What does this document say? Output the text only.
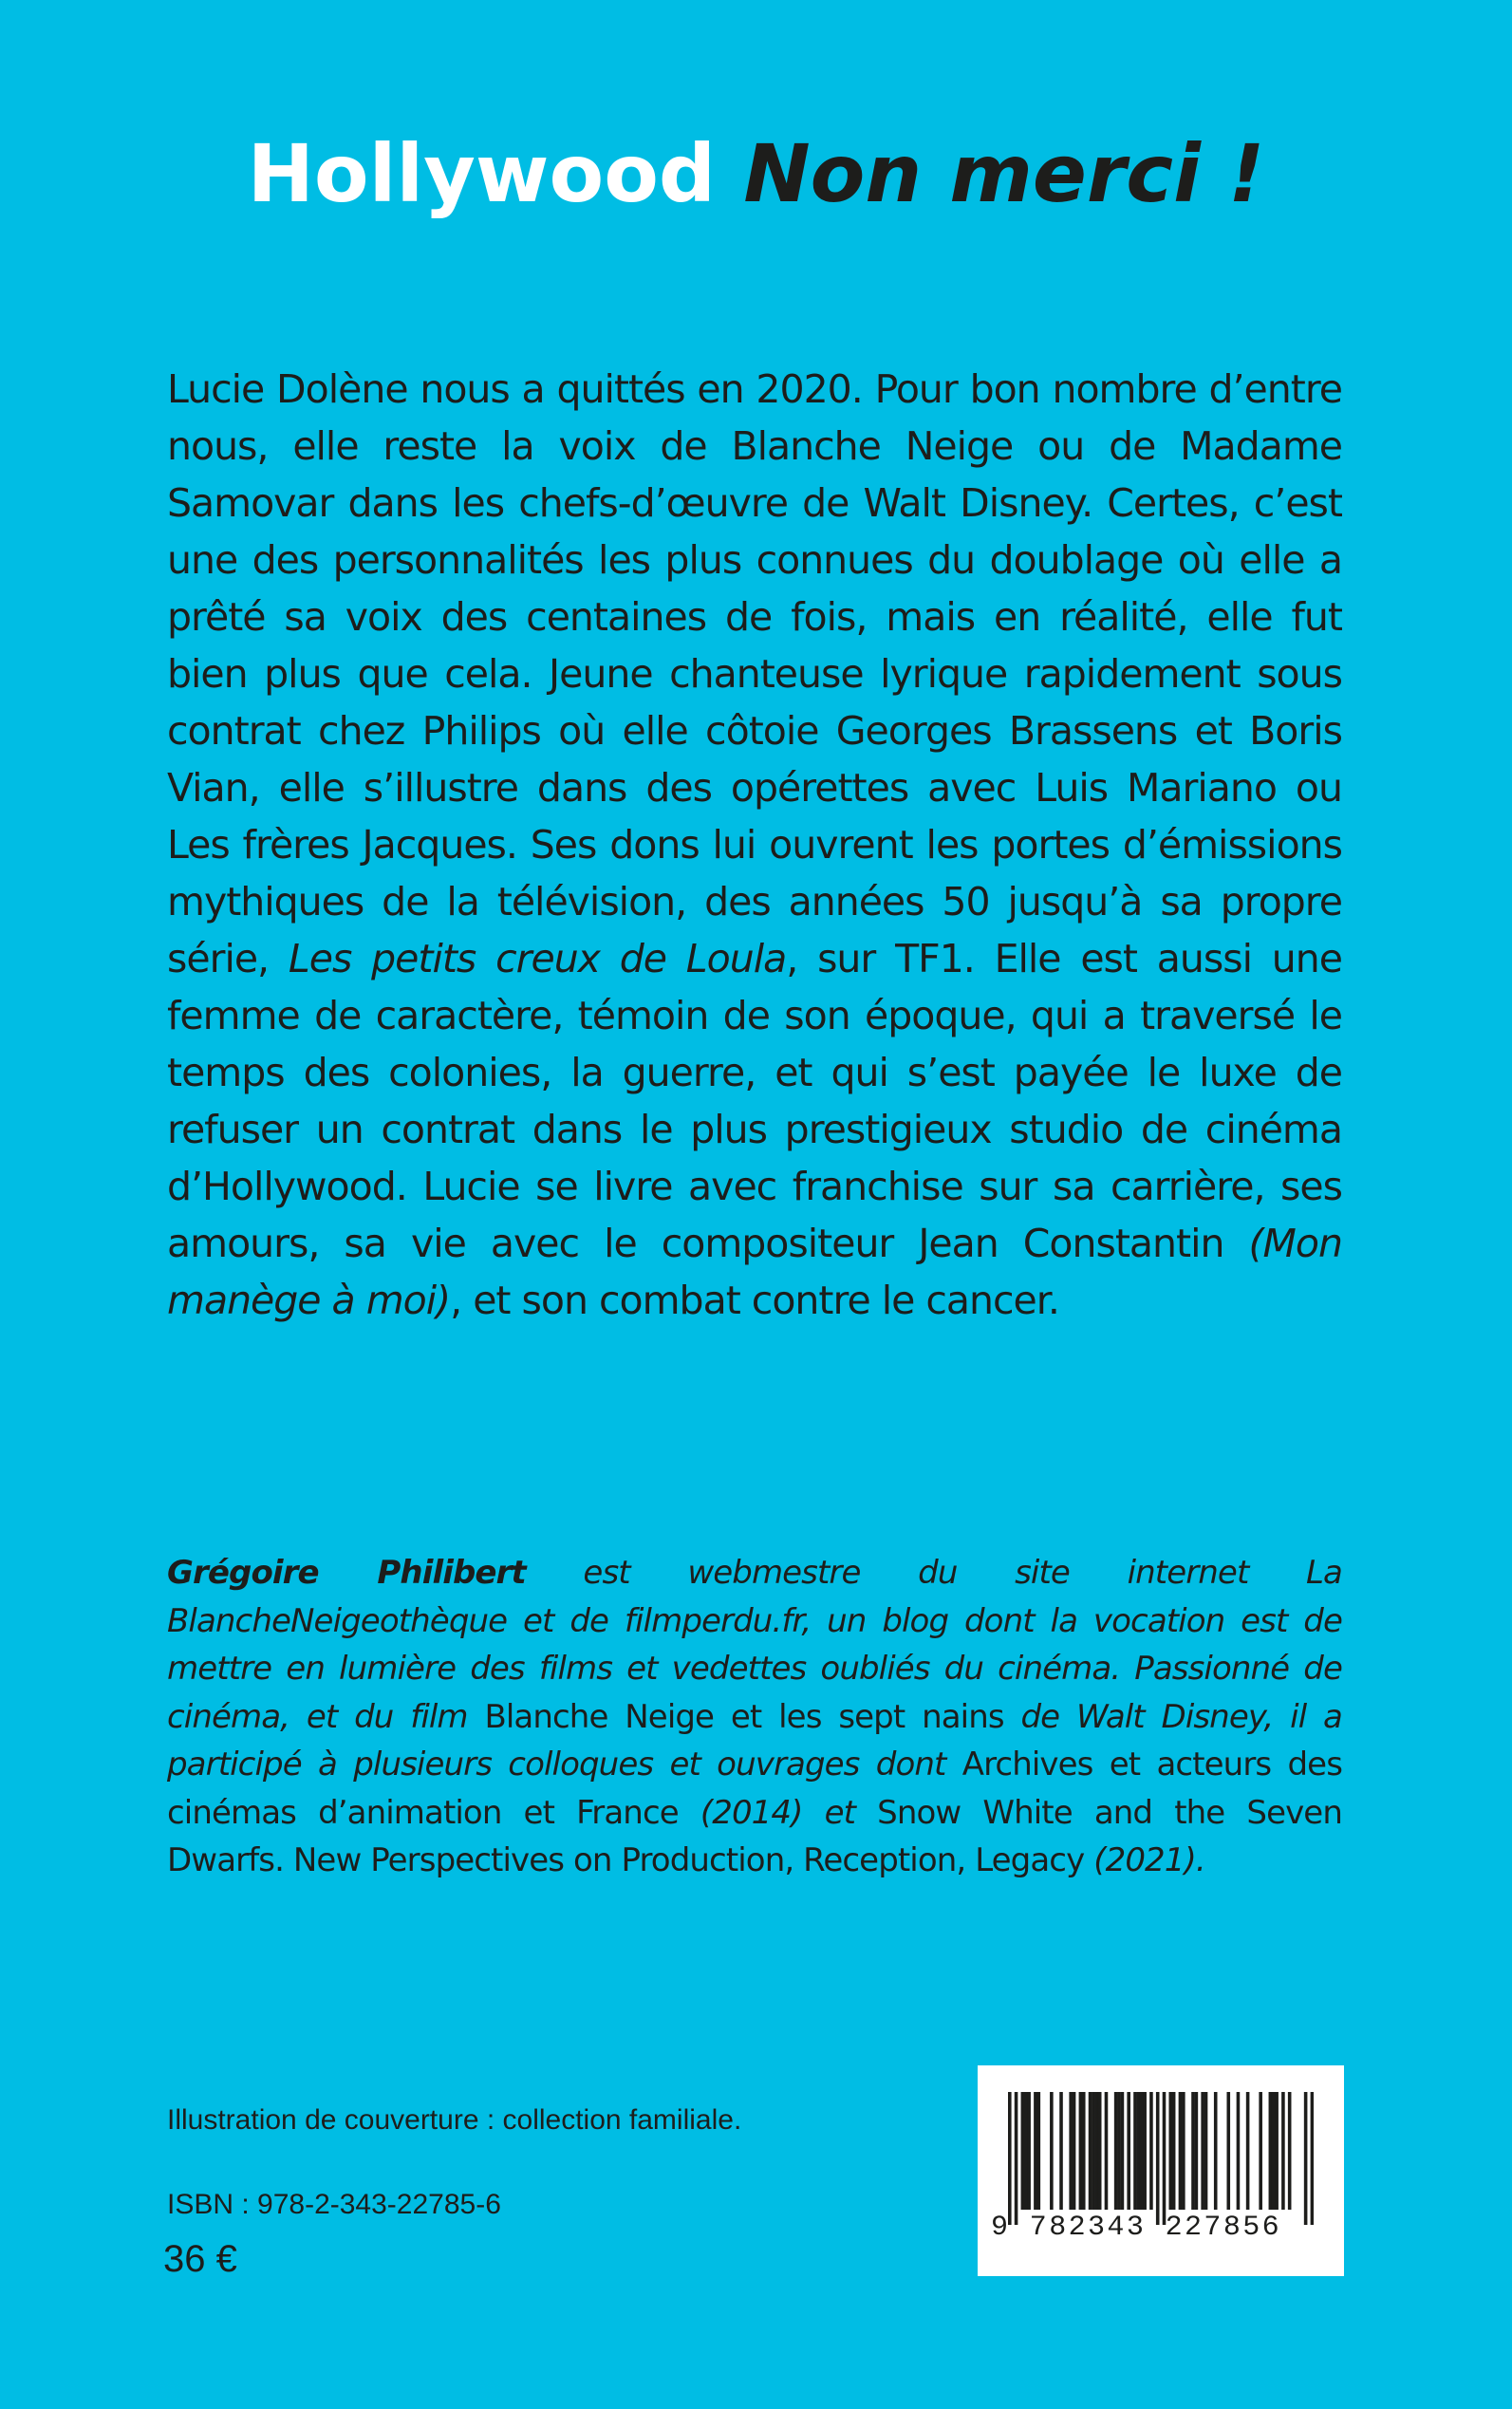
Hollywood Non merci !
Lucie Dolène nous a quittés en 2020. Pour bon nombre d’entre nous, elle reste la voix de Blanche Neige ou de Madame Samovar dans les chefs-d’œuvre de Walt Disney. Certes, c’est une des personnalités les plus connues du doublage où elle a prêté sa voix des centaines de fois, mais en réalité, elle fut bien plus que cela. Jeune chanteuse lyrique rapidement sous contrat chez Philips où elle côtoie Georges Brassens et Boris Vian, elle s’illustre dans des opérettes avec Luis Mariano ou Les frères Jacques. Ses dons lui ouvrent les portes d’émissions mythiques de la télévision, des années 50 jusqu’à sa propre série, Les petits creux de Loula, sur TF1. Elle est aussi une femme de caractère, témoin de son époque, qui a traversé le temps des colonies, la guerre, et qui s’est payée le luxe de refuser un contrat dans le plus prestigieux studio de cinéma d’Hollywood. Lucie se livre avec franchise sur sa carrière, ses amours, sa vie avec le compositeur Jean Constantin (Mon manège à moi), et son combat contre le cancer.
Grégoire Philibert est webmestre du site internet La BlancheNeigeothèque et de filmperdu.fr, un blog dont la vocation est de mettre en lumière des films et vedettes oubliés du cinéma. Passionné de cinéma, et du film Blanche Neige et les sept nains de Walt Disney, il a participé à plusieurs colloques et ouvrages dont Archives et acteurs des cinémas d’animation et France (2014) et Snow White and the Seven Dwarfs. New Perspectives on Production, Reception, Legacy (2021).
Illustration de couverture : collection familiale.
ISBN : 978-2-343-22785-6
36 €
9 782343 227856
